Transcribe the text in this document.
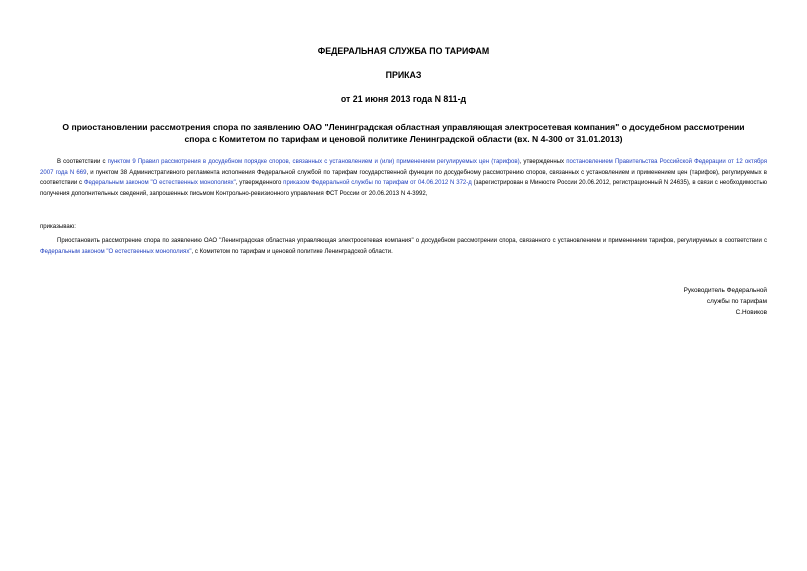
ФЕДЕРАЛЬНАЯ СЛУЖБА ПО ТАРИФАМ
ПРИКАЗ
от 21 июня 2013 года N 811-д
О приостановлении рассмотрения спора по заявлению ОАО "Ленинградская областная управляющая электросетевая компания" о досудебном рассмотрении
спора с Комитетом по тарифам и ценовой политике Ленинградской области (вх. N 4-300 от 31.01.2013)
В соответствии с пунктом 9 Правил рассмотрения в досудебном порядке споров, связанных с установлением и (или) применением регулируемых цен (тарифов), утвержденных постановлением Правительства Российской Федерации от 12 октября 2007 года N 669, и пунктом 38 Административного регламента исполнения Федеральной службой по тарифам государственной функции по досудебному рассмотрению споров, связанных с установлением и применением цен (тарифов), регулируемых в соответствии с Федеральным законом "О естественных монополиях", утвержденного приказом Федеральной службы по тарифам от 04.06.2012 N 372-д (зарегистрирован в Минюсте России 20.06.2012, регистрационный N 24635), в связи с необходимостью получения дополнительных сведений, запрошенных письмом Контрольно-ревизионного управления ФСТ России от 20.06.2013 N 4-3992,
приказываю:
Приостановить рассмотрение спора по заявлению ОАО "Ленинградская областная управляющая электросетевая компания" о досудебном рассмотрении спора, связанного с установлением и применением тарифов, регулируемых в соответствии с Федеральным законом "О естественных монополиях", с Комитетом по тарифам и ценовой политике Ленинградской области.
Руководитель Федеральной
службы по тарифам
С.Новиков
